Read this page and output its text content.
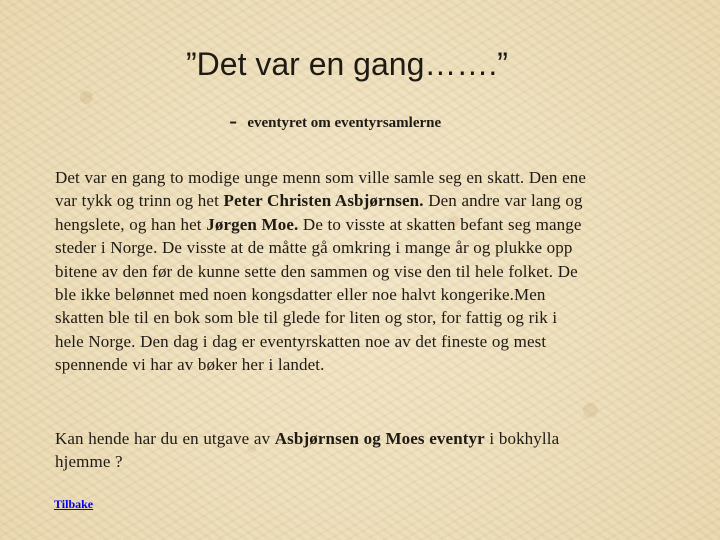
”Det var en gang…….”
- eventyret om eventyrsamlerne
Det var en gang to modige unge menn som ville samle seg en skatt. Den ene
var tykk og trinn og het Peter Christen Asbjørnsen. Den andre var lang og
hengslete, og han het Jørgen Moe. De to visste at skatten befant seg mange
steder i Norge. De visste at de måtte gå omkring i mange år og plukke opp
bitene av den før de kunne sette den sammen og vise den til hele folket. De
ble ikke belønnet med noen kongsdatter eller noe halvt kongerike.Men
skatten ble til en bok som ble til glede for liten og stor, for fattig og rik i
hele Norge. Den dag i dag er eventyrskatten noe av det fineste og mest
spennende vi har av bøker her i landet.
Kan hende har du en utgave av Asbjørnsen og Moes eventyr i bokhylla
hjemme ?
Tilbake
